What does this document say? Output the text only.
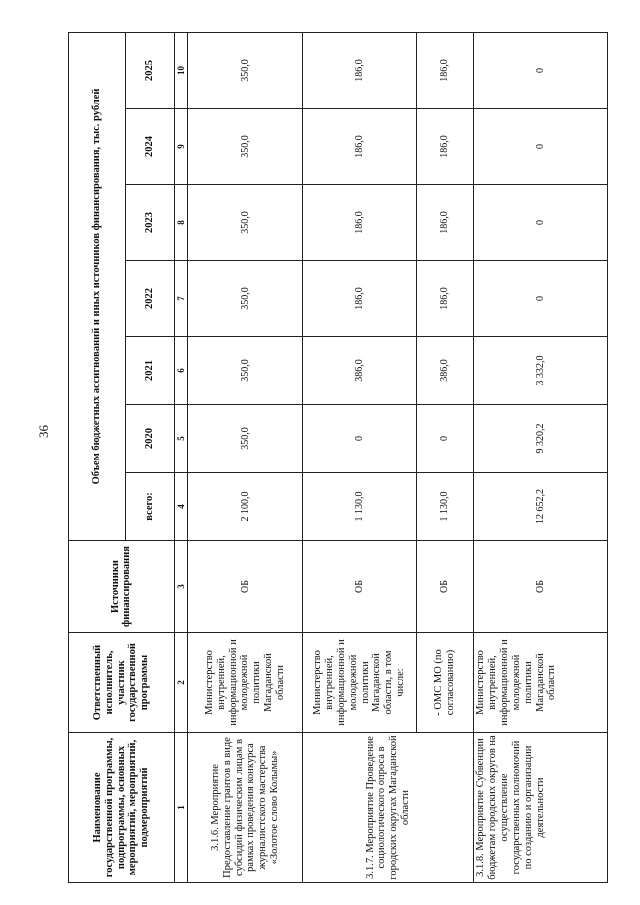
36
Наименование государственной программы, подпрограммы, основных мероприятий, мероприятий, подмероприятий	Ответственный исполнитель, участник государственной программы	Источники финансирования	Объем бюджетных ассигнований и иных источников финансирования, тыс. рублей						
			всего:	2020	2021	2022	2023	2024	2025
1	2	3	4	5	6	7	8	9	10
3.1.6. Мероприятие Предоставление грантов в виде субсидий физическим лицам в рамках проведения конкурса журналистского мастерства «Золотое слово Колымы»	Министерство внутренней, информационной и молодежной политики Магаданской области	ОБ	2 100,0	350,0	350,0	350,0	350,0	350,0	350,0
3.1.7. Мероприятие Проведение социологического опроса в городских округах Магаданской области	Министерство внутренней, информационной и молодежной политики Магаданской области, в том числе:	ОБ	1 130,0	0	386,0	186,0	186,0	186,0	186,0
	- ОМС МО (по согласованию)	ОБ	1 130,0	0	386,0	186,0	186,0	186,0	186,0
3.1.8. Мероприятие Субвенции бюджетам городских округов на осуществление государственных полномочий по созданию и организации деятельности	Министерство внутренней, информационной и молодежной политики Магаданской области	ОБ	12 652,2	9 320,2	3 332,0	0	0	0	0
